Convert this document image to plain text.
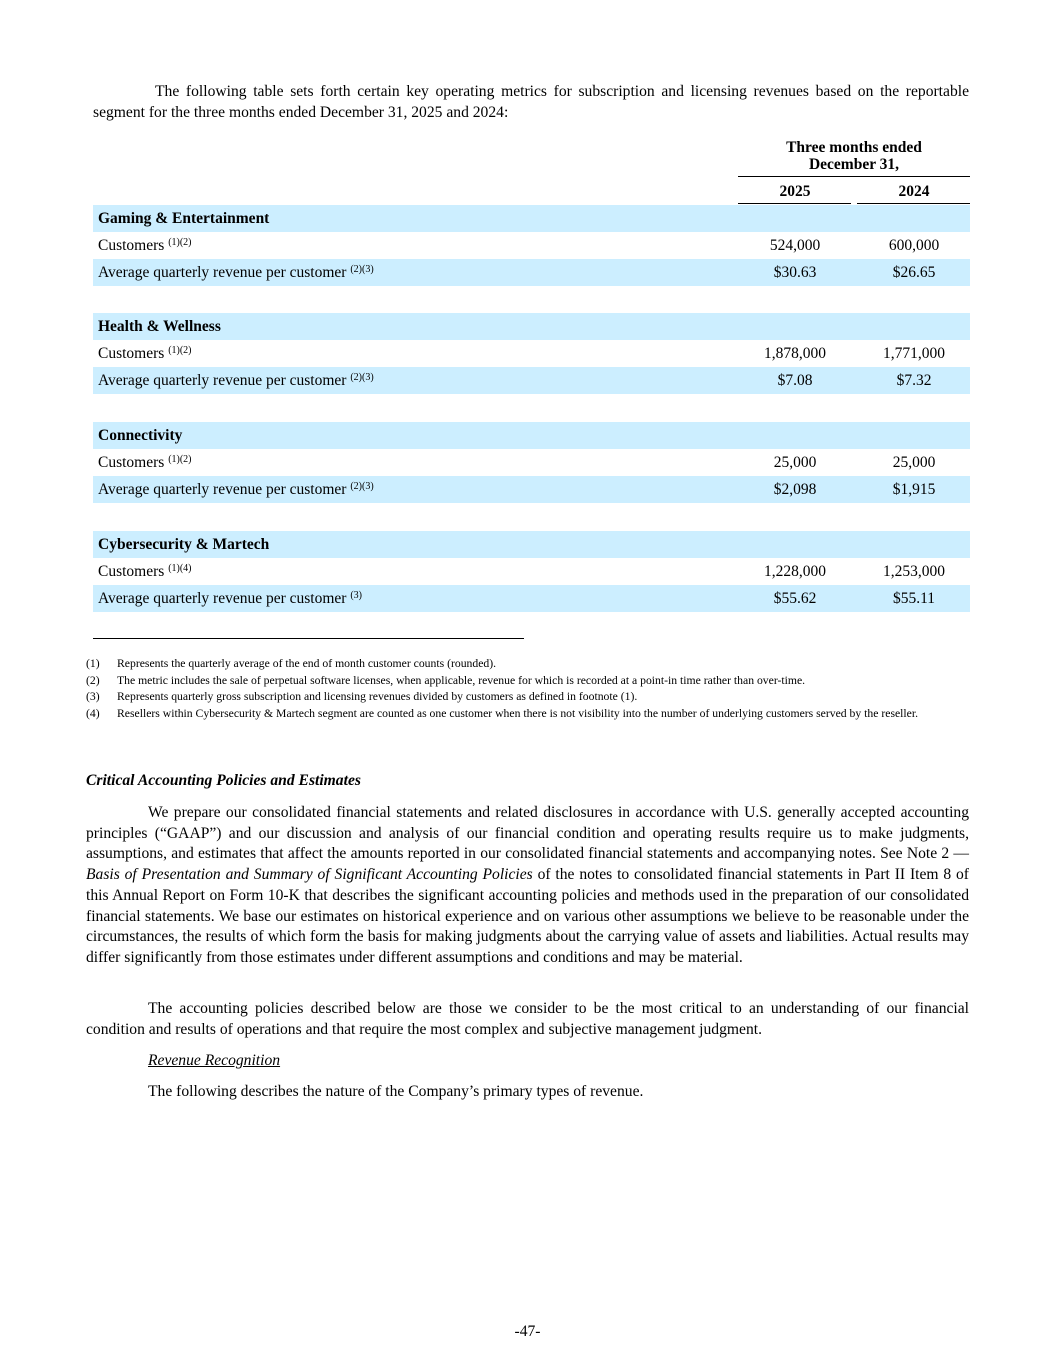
The following table sets forth certain key operating metrics for subscription and licensing revenues based on the reportable segment for the three months ended December 31, 2025 and 2024:

Three months ended
December 31,
2025	2024
Gaming & Entertainment
Customers $^{(1)(2)}$	524,000	600,000
Average quarterly revenue per customer $^{(2)(3)}$	$30.63	$26.65
Health & Wellness
Customers $^{(1)(2)}$	1,878,000	1,771,000
Average quarterly revenue per customer $^{(2)(3)}$	$7.08	$7.32
Connectivity
Customers $^{(1)(2)}$	25,000	25,000
Average quarterly revenue per customer $^{(2)(3)}$	$2,098	$1,915
Cybersecurity & Martech
Customers $^{(1)(4)}$	1,228,000	1,253,000
Average quarterly revenue per customer $^{(3)}$	$55.62	$55.11
(1) Represents the quarterly average of the end of month customer counts (rounded).
(2) The metric includes the sale of perpetual software licenses, when applicable, revenue for which is recorded at a point-in time rather than over-time.
(3) Represents quarterly gross subscription and licensing revenues divided by customers as defined in footnote (1).
(4) Resellers within Cybersecurity & Martech segment are counted as one customer when there is not visibility into the number of underlying customers served by the reseller.
Critical Accounting Policies and Estimates

We prepare our consolidated financial statements and related disclosures in accordance with U.S. generally accepted accounting principles (“GAAP”) and our discussion and analysis of our financial condition and operating results require us to make judgments, assumptions, and estimates that affect the amounts reported in our consolidated financial statements and accompanying notes. See Note 2 — Basis of Presentation and Summary of Significant Accounting Policies of the notes to consolidated financial statements in Part II Item 8 of this Annual Report on Form 10-K that describes the significant accounting policies and methods used in the preparation of our consolidated financial statements. We base our estimates on historical experience and on various other assumptions we believe to be reasonable under the circumstances, the results of which form the basis for making judgments about the carrying value of assets and liabilities. Actual results may differ significantly from those estimates under different assumptions and conditions and may be material.

The accounting policies described below are those we consider to be the most critical to an understanding of our financial condition and results of operations and that require the most complex and subjective management judgment.

Revenue Recognition

The following describes the nature of the Company’s primary types of revenue.

-47-
